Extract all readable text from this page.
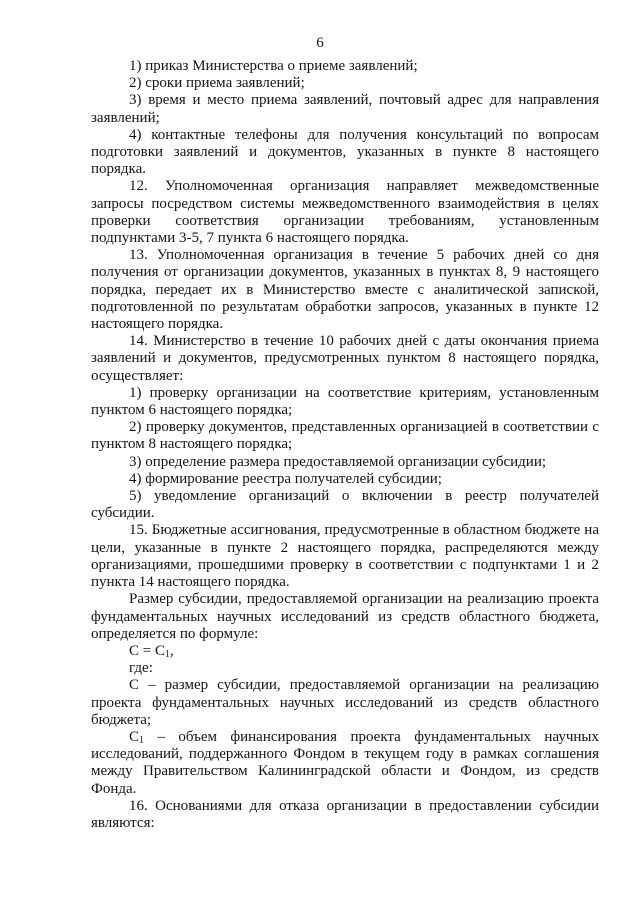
6

1) приказ Министерства о приеме заявлений;

2) сроки приема заявлений;

3) время и место приема заявлений, почтовый адрес для направления заявлений;

4) контактные телефоны для получения консультаций по вопросам подготовки заявлений и документов, указанных в пункте 8 настоящего порядка.

12. Уполномоченная организация направляет межведомственные запросы посредством системы межведомственного взаимодействия в целях проверки соответствия организации требованиям, установленным подпунктами 3-5, 7 пункта 6 настоящего порядка.

13. Уполномоченная организация в течение 5 рабочих дней со дня получения от организации документов, указанных в пунктах 8, 9 настоящего порядка, передает их в Министерство вместе с аналитической запиской, подготовленной по результатам обработки запросов, указанных в пункте 12 настоящего порядка.

14. Министерство в течение 10 рабочих дней с даты окончания приема заявлений и документов, предусмотренных пунктом 8 настоящего порядка, осуществляет:

1) проверку организации на соответствие критериям, установленным пунктом 6 настоящего порядка;

2) проверку документов, представленных организацией в соответствии с пунктом 8 настоящего порядка;

3) определение размера предоставляемой организации субсидии;

4) формирование реестра получателей субсидии;

5) уведомление организаций о включении в реестр получателей субсидии.

15. Бюджетные ассигнования, предусмотренные в областном бюджете на цели, указанные в пункте 2 настоящего порядка, распределяются между организациями, прошедшими проверку в соответствии с подпунктами 1 и 2 пункта 14 настоящего порядка.

Размер субсидии, предоставляемой организации на реализацию проекта фундаментальных научных исследований из средств областного бюджета, определяется по формуле:

$С = С_1$,

где:

С – размер субсидии, предоставляемой организации на реализацию проекта фундаментальных научных исследований из средств областного бюджета;

$С_1$ – объем финансирования проекта фундаментальных научных исследований, поддержанного Фондом в текущем году в рамках соглашения между Правительством Калининградской области и Фондом, из средств Фонда.

16. Основаниями для отказа организации в предоставлении субсидии являются:
